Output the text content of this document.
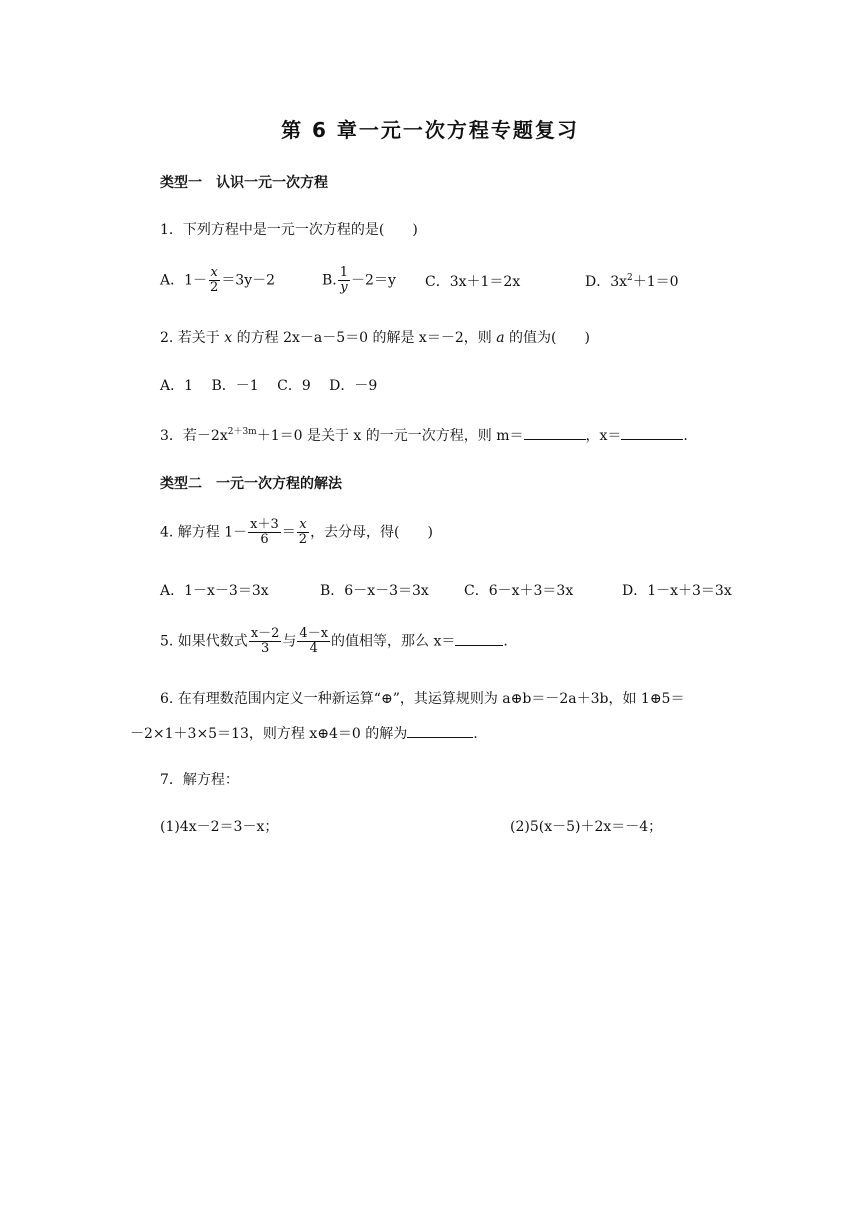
第 6 章一元一次方程专题复习
类型一　认识一元一次方程
1．下列方程中是一元一次方程的是(　　)
A．$1- \frac{x}{2} =3y-2$	B. $\frac{1}{y} -2=y$ C．3x＋1＝2x	D．$3x^2+1=0$
2. 若关于 x 的方程 2x－a－5＝0 的解是 x＝－2，则 a 的值为(　　)
A．1　 B．－1　 C．9　 D．－9
3．若$-2x^{2+3m}+1=0$ 是关于 x 的一元一次方程，则 m＝	，x＝	.
类型二　一元一次方程的解法
4. 解方程 $1- \frac{x+3}{6} = \frac{x}{2}$ ，去分母，得(　　)
A．1－x－3＝3x	B．6－x－3＝3x	C．6－x＋3＝3x	D．1－x＋3＝3x
5. 如果代数式 $\frac{x-2}{3}$ 与 $\frac{4-x}{4}$ 的值相等，那么 x＝	.
6. 在有理数范围内定义一种新运算“⊕”，其运算规则为 a⊕b＝－2a＋3b，如 1⊕5＝
－2×1＋3×5＝13，则方程 x⊕4＝0 的解为	.
7．解方程：
(1)4x－2＝3－x；	(2)5(x－5)＋2x＝－4；
